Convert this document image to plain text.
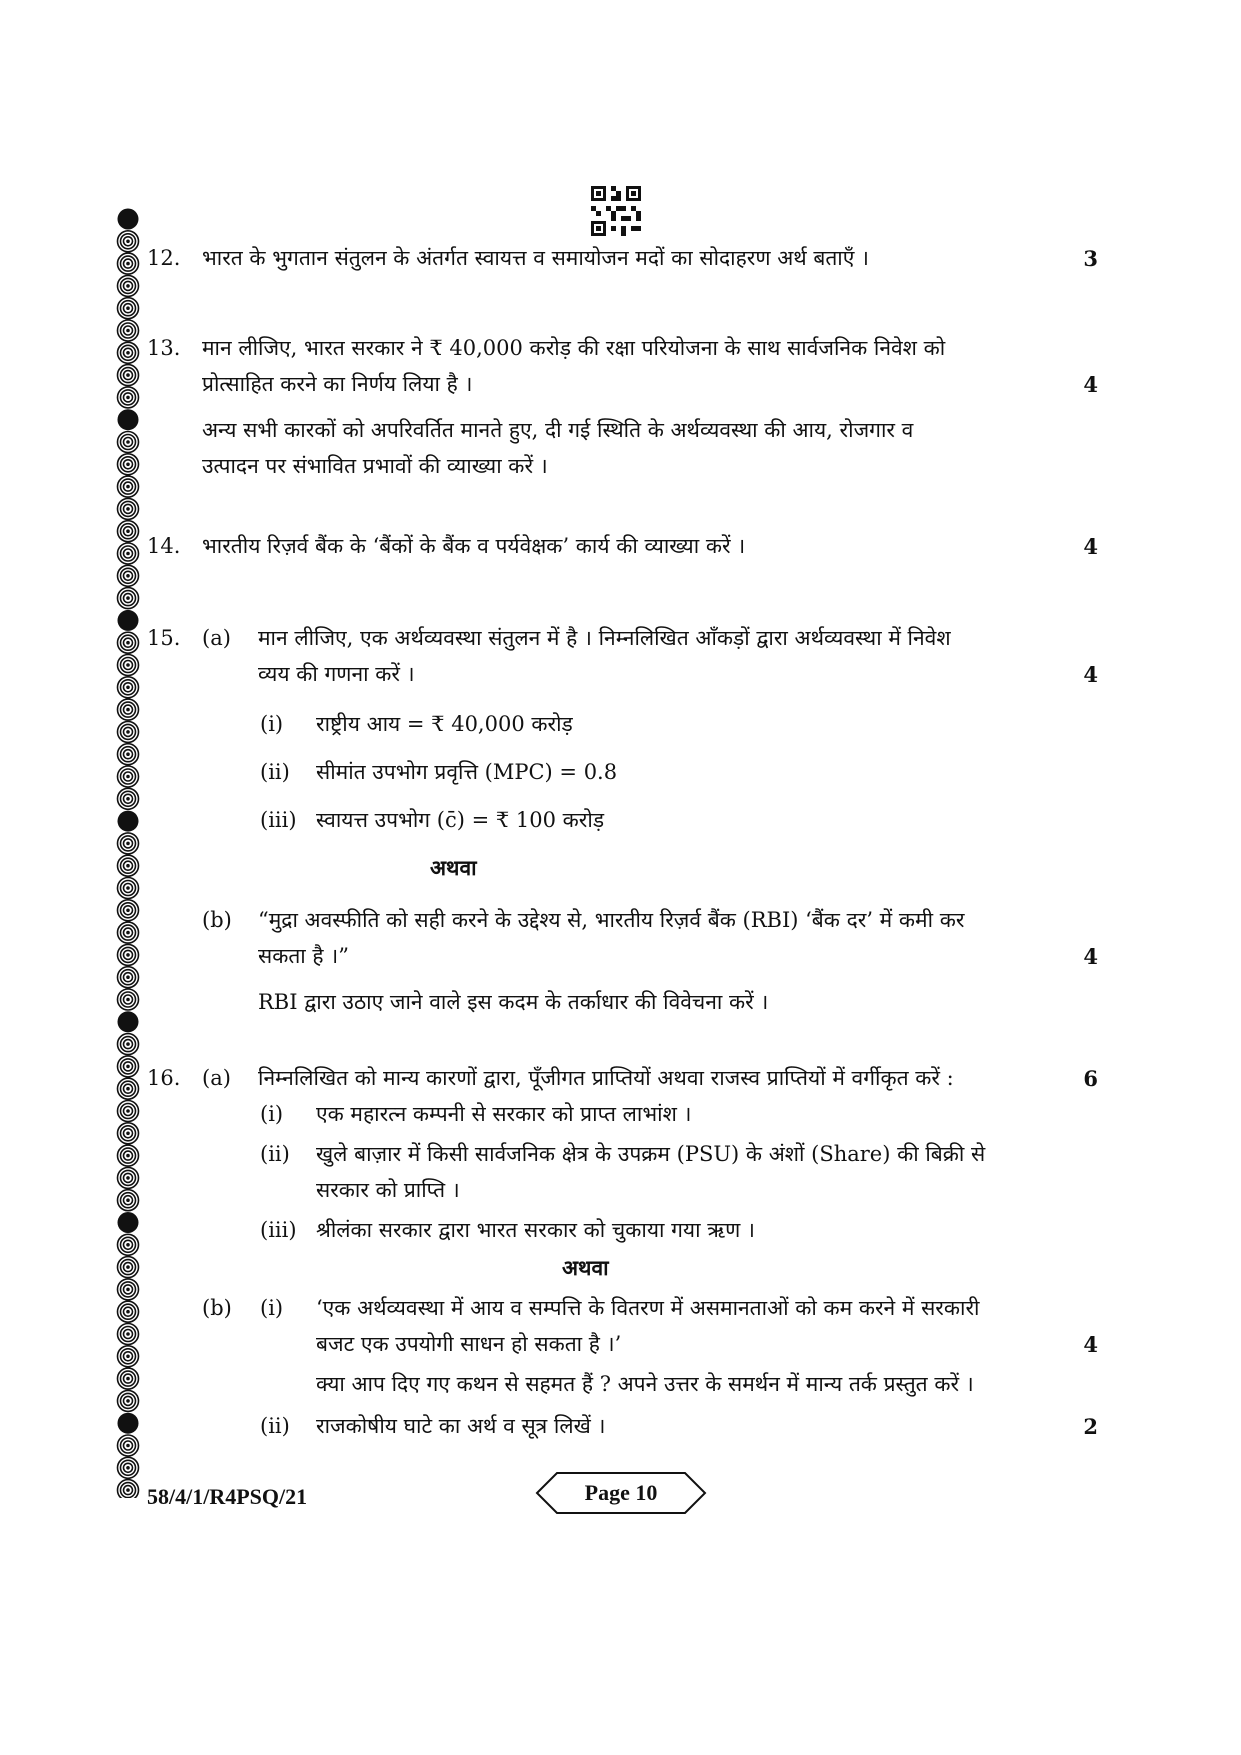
12. भारत के भुगतान संतुलन के अंतर्गत स्वायत्त व समायोजन मदों का सोदाहरण अर्थ बताएँ ।	3
13. मान लीजिए, भारत सरकार ने ₹ 40,000 करोड़ की रक्षा परियोजना के साथ सार्वजनिक निवेश को
प्रोत्साहित करने का निर्णय लिया है ।	4
अन्य सभी कारकों को अपरिवर्तित मानते हुए, दी गई स्थिति के अर्थव्यवस्था की आय, रोजगार व
उत्पादन पर संभावित प्रभावों की व्याख्या करें ।
14. भारतीय रिज़र्व बैंक के ‘बैंकों के बैंक व पर्यवेक्षक’ कार्य की व्याख्या करें ।	4
15. (a) मान लीजिए, एक अर्थव्यवस्था संतुलन में है । निम्नलिखित आँकड़ों द्वारा अर्थव्यवस्था में निवेश
व्यय की गणना करें ।	4
(i) राष्ट्रीय आय = ₹ 40,000 करोड़
(ii) सीमांत उपभोग प्रवृत्ति (MPC) = 0.8
(iii) स्वायत्त उपभोग (c̄) = ₹ 100 करोड़
अथवा
(b) “मुद्रा अवस्फीति को सही करने के उद्देश्य से, भारतीय रिज़र्व बैंक (RBI) ‘बैंक दर’ में कमी कर
सकता है ।”	4
RBI द्वारा उठाए जाने वाले इस कदम के तर्काधार की विवेचना करें ।
16. (a) निम्नलिखित को मान्य कारणों द्वारा, पूँजीगत प्राप्तियों अथवा राजस्व प्राप्तियों में वर्गीकृत करें :	6
(i) एक महारत्न कम्पनी से सरकार को प्राप्त लाभांश ।
(ii) खुले बाज़ार में किसी सार्वजनिक क्षेत्र के उपक्रम (PSU) के अंशों (Share) की बिक्री से
सरकार को प्राप्ति ।
(iii) श्रीलंका सरकार द्वारा भारत सरकार को चुकाया गया ऋण ।
अथवा
(b) (i) ‘एक अर्थव्यवस्था में आय व सम्पत्ति के वितरण में असमानताओं को कम करने में सरकारी
बजट एक उपयोगी साधन हो सकता है ।’	4
क्या आप दिए गए कथन से सहमत हैं ? अपने उत्तर के समर्थन में मान्य तर्क प्रस्तुत करें ।
(ii) राजकोषीय घाटे का अर्थ व सूत्र लिखें ।	2
58/4/1/R4PSQ/21	Page 10
